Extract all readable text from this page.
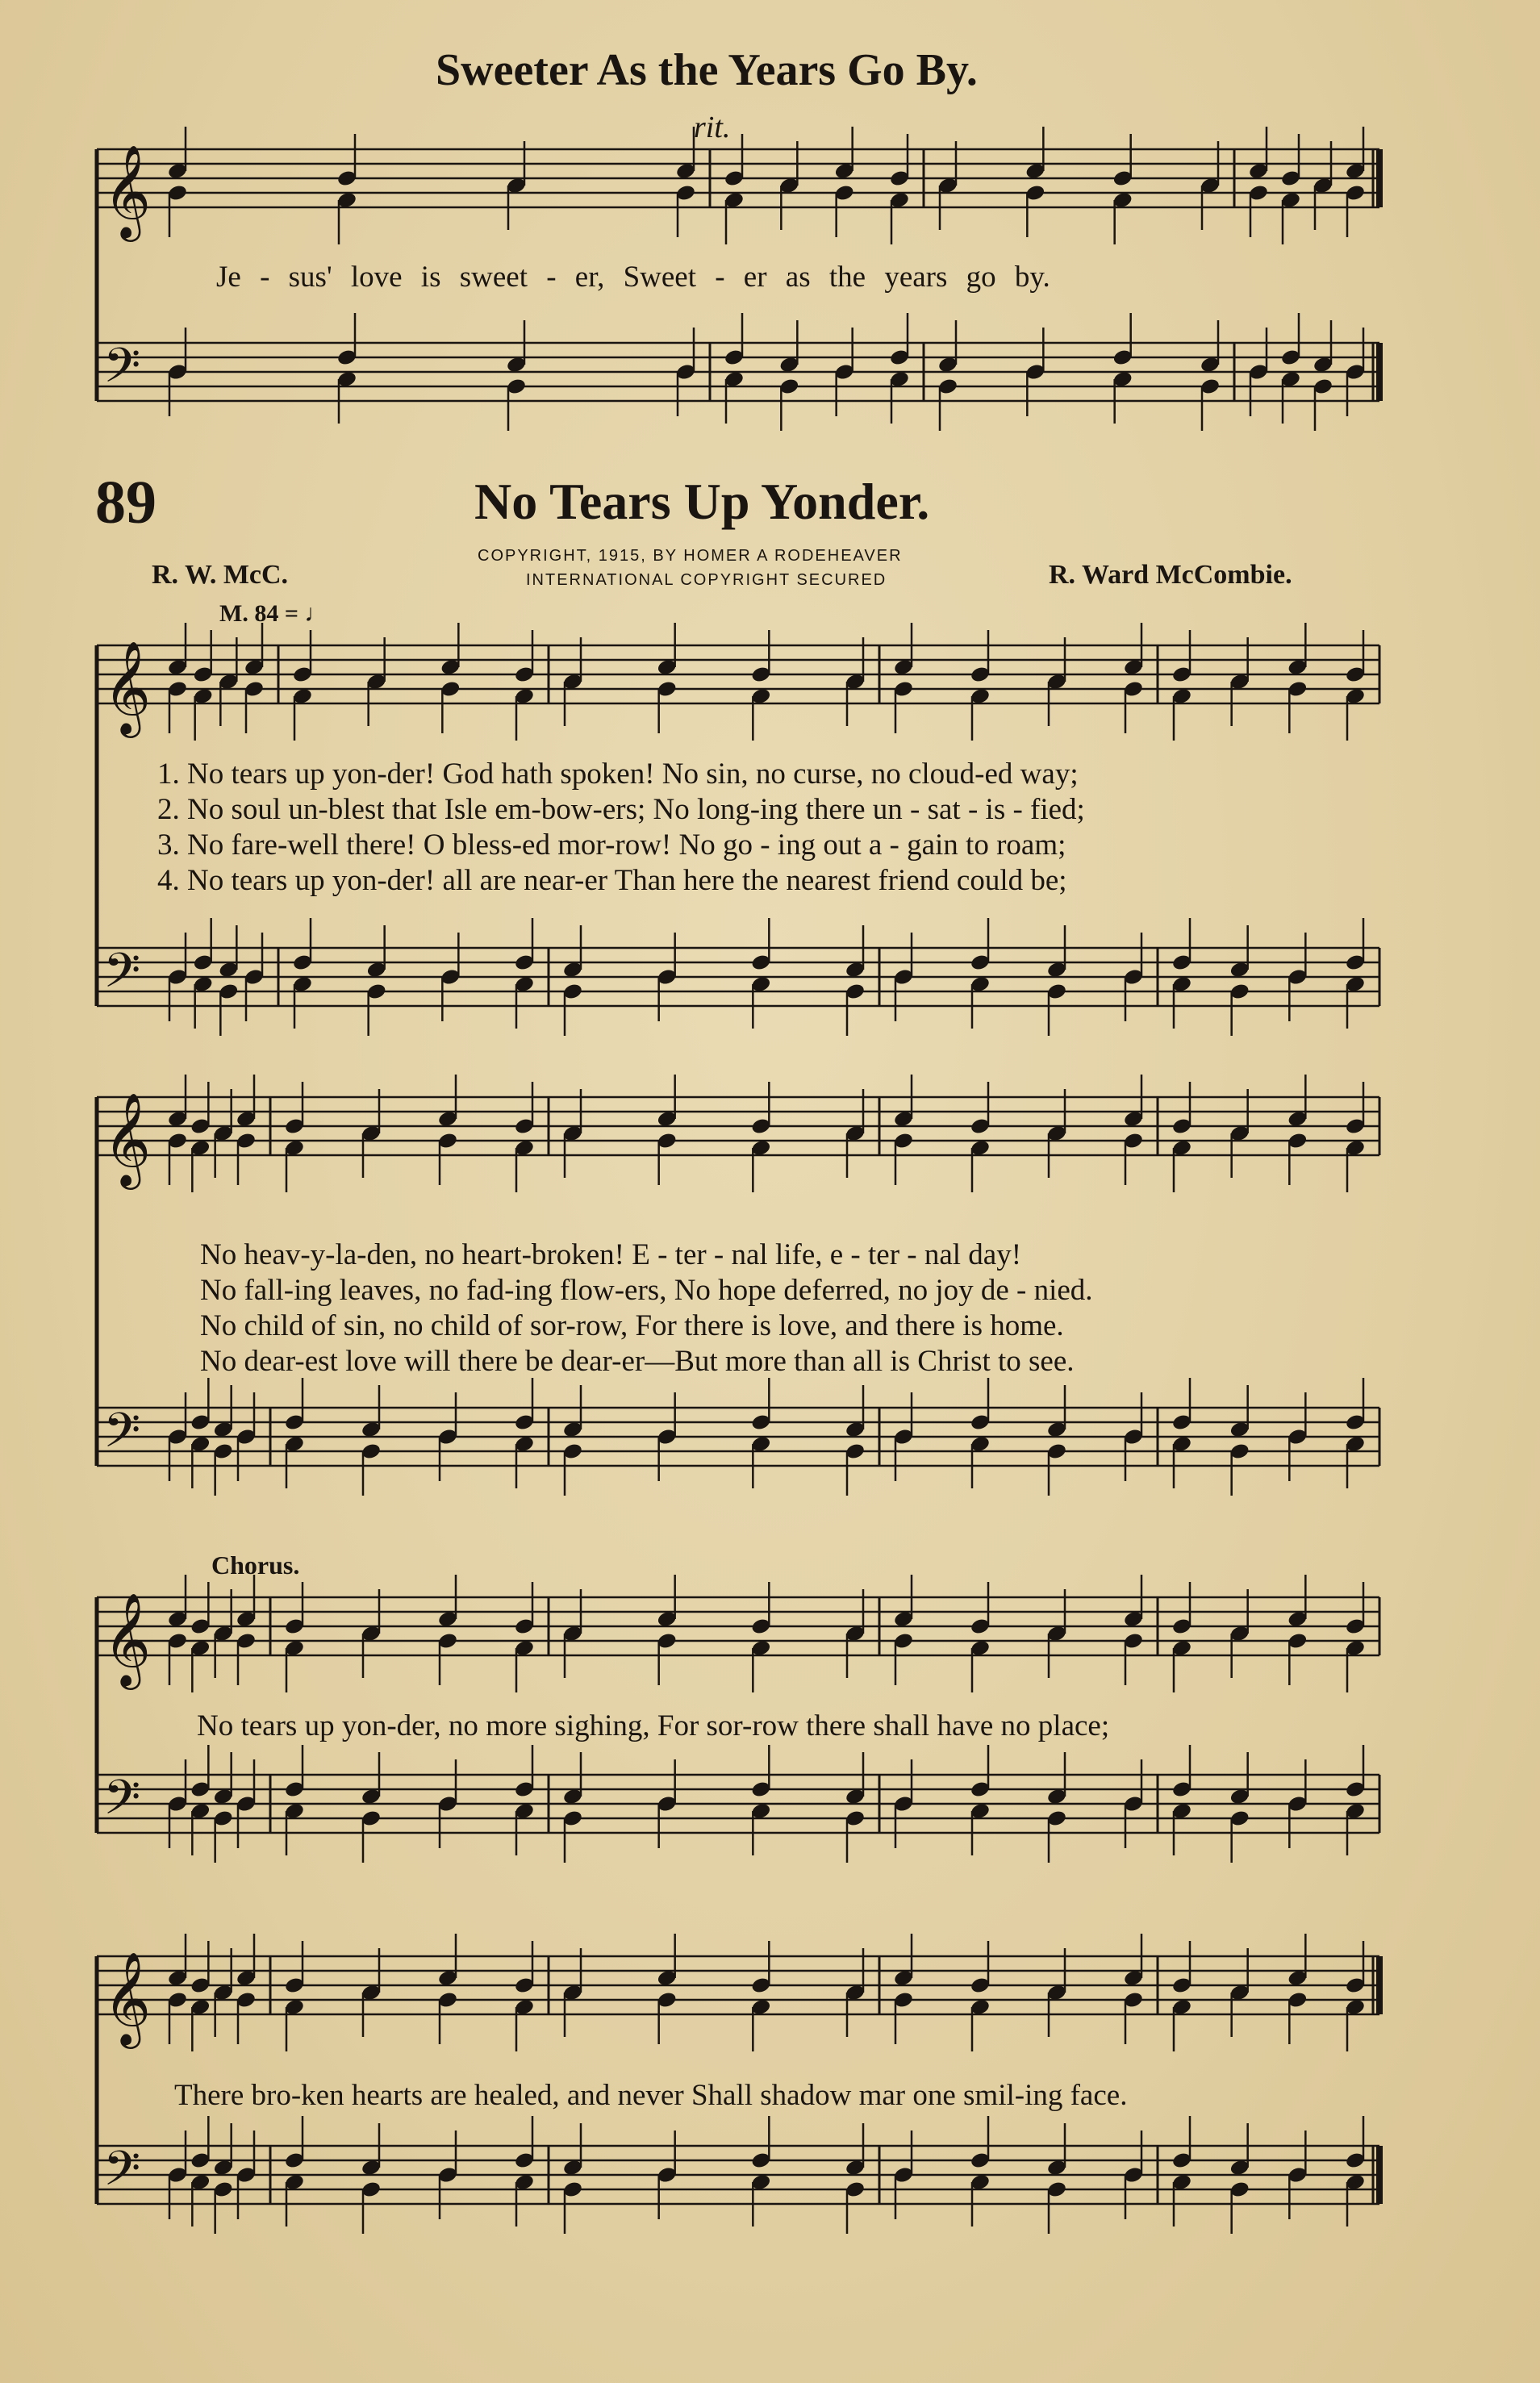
𝄞
𝄢
𝄞
𝄢
𝄞
𝄢
𝄞
𝄢
𝄞
𝄢
Sweeter As the Years Go By.
rit.
Je - sus' love is sweet - er, Sweet - er as the years go by.
89	No Tears Up Yonder.
COPYRIGHT, 1915, BY HOMER A RODEHEAVER
INTERNATIONAL COPYRIGHT SECURED
R. W. McC.	R. Ward McCombie.
M. 84 = ♩
1. No tears up yon-der! God hath spoken! No sin, no curse, no cloud-ed way;
2. No soul un-blest that Isle em-bow-ers; No long-ing there un - sat - is - fied;
3. No fare-well there! O bless-ed mor-row! No go - ing out a - gain to roam;
4. No tears up yon-der! all are near-er Than here the nearest friend could be;
No heav-y-la-den, no heart-broken! E - ter - nal life, e - ter - nal day!
No fall-ing leaves, no fad-ing flow-ers, No hope deferred, no joy de - nied.
No child of sin, no child of sor-row, For there is love, and there is home.
No dear-est love will there be dear-er—But more than all is Christ to see.
Chorus.
No tears up yon-der, no more sighing, For sor-row there shall have no place;
There bro-ken hearts are healed, and never Shall shadow mar one smil-ing face.
